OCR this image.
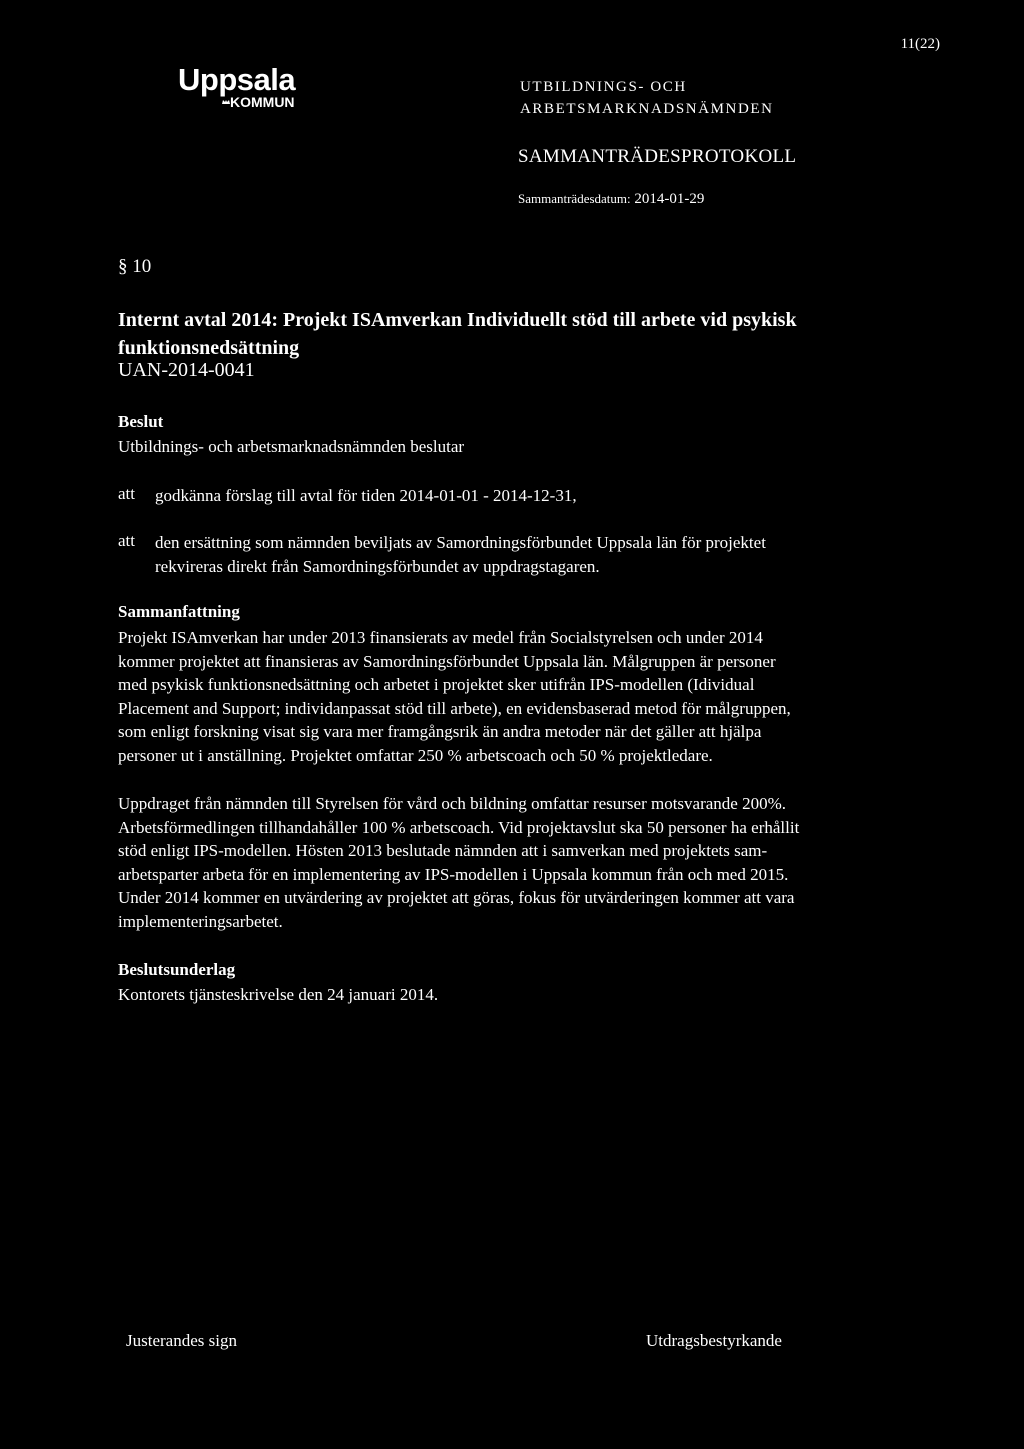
11(22)
Uppsala
KOMMUN
UTBILDNINGS- OCH
ARBETSMARKNADSNÄMNDEN
SAMMANTRÄDESPROTOKOLL
Sammanträdesdatum: 2014-01-29
§ 10
Internt avtal 2014: Projekt ISAmverkan Individuellt stöd till arbete vid psykisk
funktionsnedsättning
UAN-2014-0041
Beslut
Utbildnings- och arbetsmarknadsnämnden beslutar
att godkänna förslag till avtal för tiden 2014-01-01 - 2014-12-31,
att den ersättning som nämnden beviljats av Samordningsförbundet Uppsala län för projektet
rekvireras direkt från Samordningsförbundet av uppdragstagaren.
Sammanfattning
Projekt ISAmverkan har under 2013 finansierats av medel från Socialstyrelsen och under 2014
kommer projektet att finansieras av Samordningsförbundet Uppsala län. Målgruppen är personer
med psykisk funktionsnedsättning och arbetet i projektet sker utifrån IPS-modellen (Idividual
Placement and Support; individanpassat stöd till arbete), en evidensbaserad metod för målgruppen,
som enligt forskning visat sig vara mer framgångsrik än andra metoder när det gäller att hjälpa
personer ut i anställning. Projektet omfattar 250 % arbetscoach och 50 % projektledare.
Uppdraget från nämnden till Styrelsen för vård och bildning omfattar resurser motsvarande 200%.
Arbetsförmedlingen tillhandahåller 100 % arbetscoach. Vid projektavslut ska 50 personer ha erhållit
stöd enligt IPS-modellen. Hösten 2013 beslutade nämnden att i samverkan med projektets sam-
arbetsparter arbeta för en implementering av IPS-modellen i Uppsala kommun från och med 2015.
Under 2014 kommer en utvärdering av projektet att göras, fokus för utvärderingen kommer att vara
implementeringsarbetet.
Beslutsunderlag
Kontorets tjänsteskrivelse den 24 januari 2014.
Justerandes sign	Utdragsbestyrkande
